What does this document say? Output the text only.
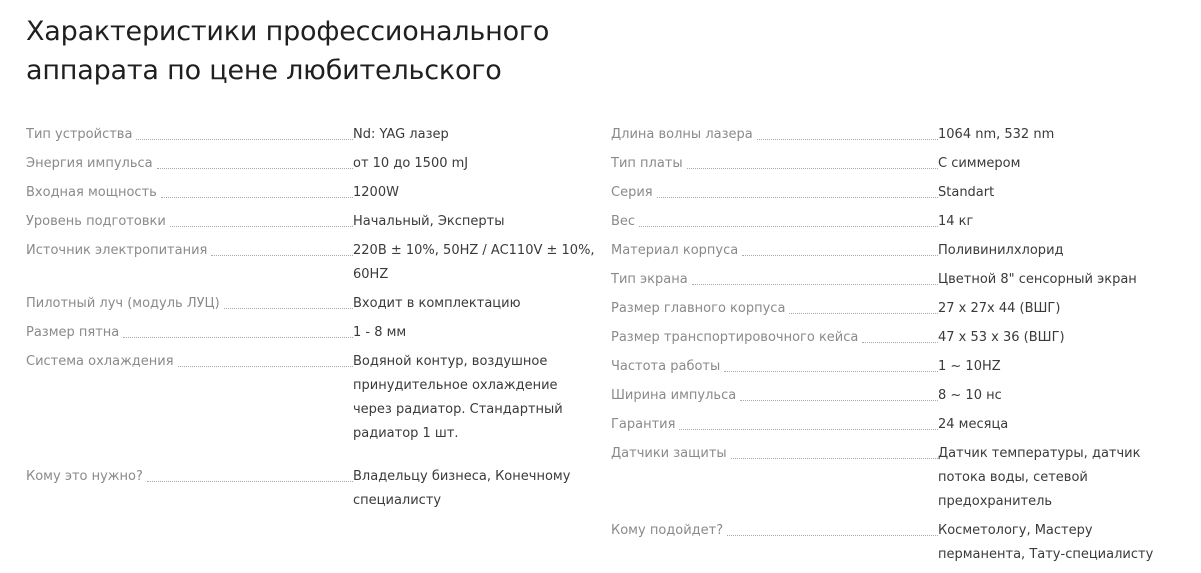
Характеристики профессионального
аппарата по цене любительского
Тип устройства	Nd: YAG лазер
Энергия импульса	от 10 до 1500 mJ
Входная мощность	1200W
Уровень подготовки	Начальный, Эксперты
Источник электропитания	220В ± 10%, 50HZ / AC110V ± 10%, 60HZ
Пилотный луч (модуль ЛУЦ)	Входит в комплектацию
Размер пятна	1 - 8 мм
Система охлаждения	Водяной контур, воздушное принудительное охлаждение через радиатор. Стандартный радиатор 1 шт.
Кому это нужно?	Владельцу бизнеса, Конечному специалисту
Длина волны лазера	1064 nm, 532 nm
Тип платы	С симмером
Серия	Standart
Вес	14 кг
Материал корпуса	Поливинилхлорид
Тип экрана	Цветной 8" сенсорный экран
Размер главного корпуса	27 x 27x 44 (ВШГ)
Размер транспортировочного кейса	47 x 53 x 36 (ВШГ)
Частота работы	1 ~ 10HZ
Ширина импульса	8 ~ 10 нс
Гарантия	24 месяца
Датчики защиты	Датчик температуры, датчик потока воды, сетевой предохранитель
Кому подойдет?	Косметологу, Мастеру перманента, Тату-специалисту
